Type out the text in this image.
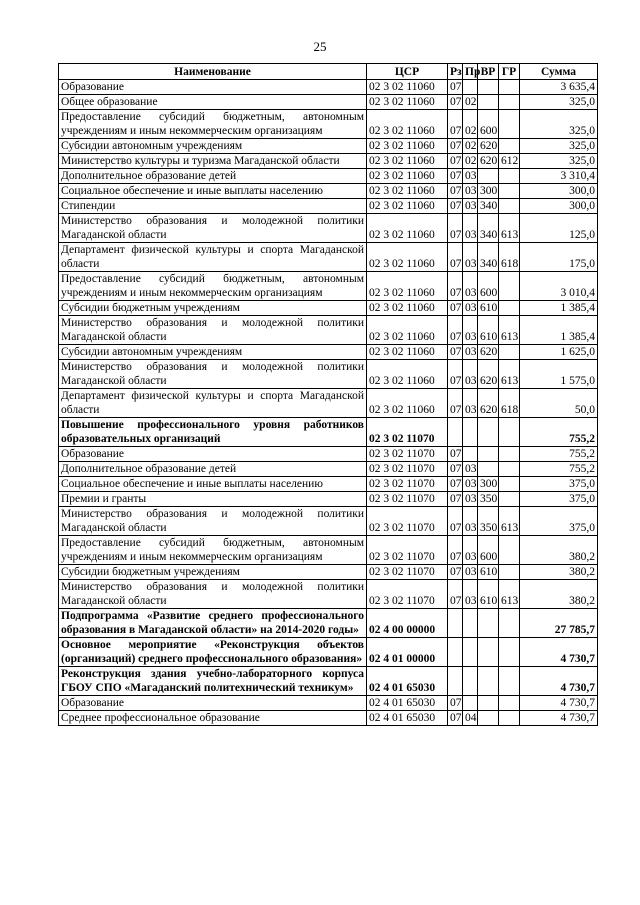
25
Наименование	ЦСР	Рз	Пр	ВР	ГР	Сумма
Образование	02 3 02 11060	07				3 635,4
Общее образование	02 3 02 11060	07	02			325,0
Предоставление субсидий бюджетным, автономным учреждениям и иным некоммерческим организациям	02 3 02 11060	07	02	600		325,0
Субсидии автономным учреждениям	02 3 02 11060	07	02	620		325,0
Министерство культуры и туризма Магаданской области	02 3 02 11060	07	02	620	612	325,0
Дополнительное образование детей	02 3 02 11060	07	03			3 310,4
Социальное обеспечение и иные выплаты населению	02 3 02 11060	07	03	300		300,0
Стипендии	02 3 02 11060	07	03	340		300,0
Министерство образования и молодежной политики Магаданской области	02 3 02 11060	07	03	340	613	125,0
Департамент физической культуры и спорта Магаданской области	02 3 02 11060	07	03	340	618	175,0
Предоставление субсидий бюджетным, автономным учреждениям и иным некоммерческим организациям	02 3 02 11060	07	03	600		3 010,4
Субсидии бюджетным учреждениям	02 3 02 11060	07	03	610		1 385,4
Министерство образования и молодежной политики Магаданской области	02 3 02 11060	07	03	610	613	1 385,4
Субсидии автономным учреждениям	02 3 02 11060	07	03	620		1 625,0
Министерство образования и молодежной политики Магаданской области	02 3 02 11060	07	03	620	613	1 575,0
Департамент физической культуры и спорта Магаданской области	02 3 02 11060	07	03	620	618	50,0
Повышение профессионального уровня работников образовательных организаций	02 3 02 11070					755,2
Образование	02 3 02 11070	07				755,2
Дополнительное образование детей	02 3 02 11070	07	03			755,2
Социальное обеспечение и иные выплаты населению	02 3 02 11070	07	03	300		375,0
Премии и гранты	02 3 02 11070	07	03	350		375,0
Министерство образования и молодежной политики Магаданской области	02 3 02 11070	07	03	350	613	375,0
Предоставление субсидий бюджетным, автономным учреждениям и иным некоммерческим организациям	02 3 02 11070	07	03	600		380,2
Субсидии бюджетным учреждениям	02 3 02 11070	07	03	610		380,2
Министерство образования и молодежной политики Магаданской области	02 3 02 11070	07	03	610	613	380,2
Подпрограмма «Развитие среднего профессионального образования в Магаданской области» на 2014-2020 годы»	02 4 00 00000					27 785,7
Основное мероприятие «Реконструкция объектов (организаций) среднего профессионального образования»	02 4 01 00000					4 730,7
Реконструкция здания учебно-лабораторного корпуса ГБОУ СПО «Магаданский политехнический техникум»	02 4 01 65030					4 730,7
Образование	02 4 01 65030	07				4 730,7
Среднее профессиональное образование	02 4 01 65030	07	04			4 730,7
